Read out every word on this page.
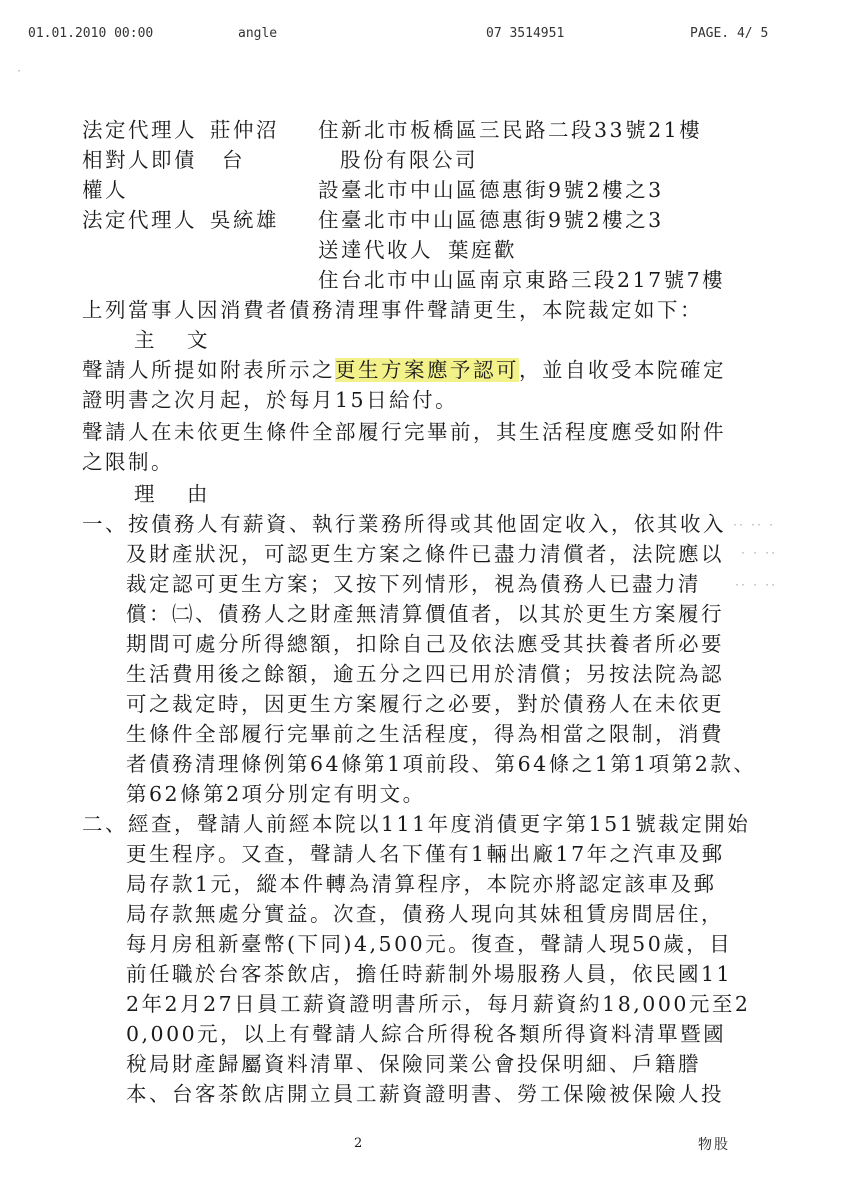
01.01.2010 00:00	angle	07 3514951	PAGE. 4/ 5
法定代理人 莊仲沼 住新北市板橋區三民路二段33號21樓
相對人即債 台	股份有限公司
權人	設臺北市中山區德惠街9號2樓之3
法定代理人 吳統雄 住臺北市中山區德惠街9號2樓之3
送達代收人 葉庭歡
住台北市中山區南京東路三段217號7樓
上列當事人因消費者債務清理事件聲請更生，本院裁定如下：
主　文
聲請人所提如附表所示之更生方案應予認可，並自收受本院確定
證明書之次月起，於每月15日給付。
聲請人在未依更生條件全部履行完畢前，其生活程度應受如附件
之限制。
理　由
一、按債務人有薪資、執行業務所得或其他固定收入，依其收入
及財產狀況，可認更生方案之條件已盡力清償者，法院應以
裁定認可更生方案；又按下列情形，視為債務人已盡力清
償：㈡、債務人之財產無清算價值者，以其於更生方案履行
期間可處分所得總額，扣除自己及依法應受其扶養者所必要
生活費用後之餘額，逾五分之四已用於清償；另按法院為認
可之裁定時，因更生方案履行之必要，對於債務人在未依更
生條件全部履行完畢前之生活程度，得為相當之限制，消費
者債務清理條例第64條第1項前段、第64條之1第1項第2款、
第62條第2項分別定有明文。
二、經查，聲請人前經本院以111年度消債更字第151號裁定開始
更生程序。又查，聲請人名下僅有1輛出廠17年之汽車及郵
局存款1元，縱本件轉為清算程序，本院亦將認定該車及郵
局存款無處分實益。次查，債務人現向其妹租賃房間居住，
每月房租新臺幣(下同)4,500元。復查，聲請人現50歲，目
前任職於台客茶飲店，擔任時薪制外場服務人員，依民國11
2年2月27日員工薪資證明書所示，每月薪資約18,000元至2
0,000元，以上有聲請人綜合所得稅各類所得資料清單暨國
稅局財產歸屬資料清單、保險同業公會投保明細、戶籍謄
本、台客茶飲店開立員工薪資證明書、勞工保險被保險人投
·· ·· ·
· · ··
·· · ··
·
2	物股
